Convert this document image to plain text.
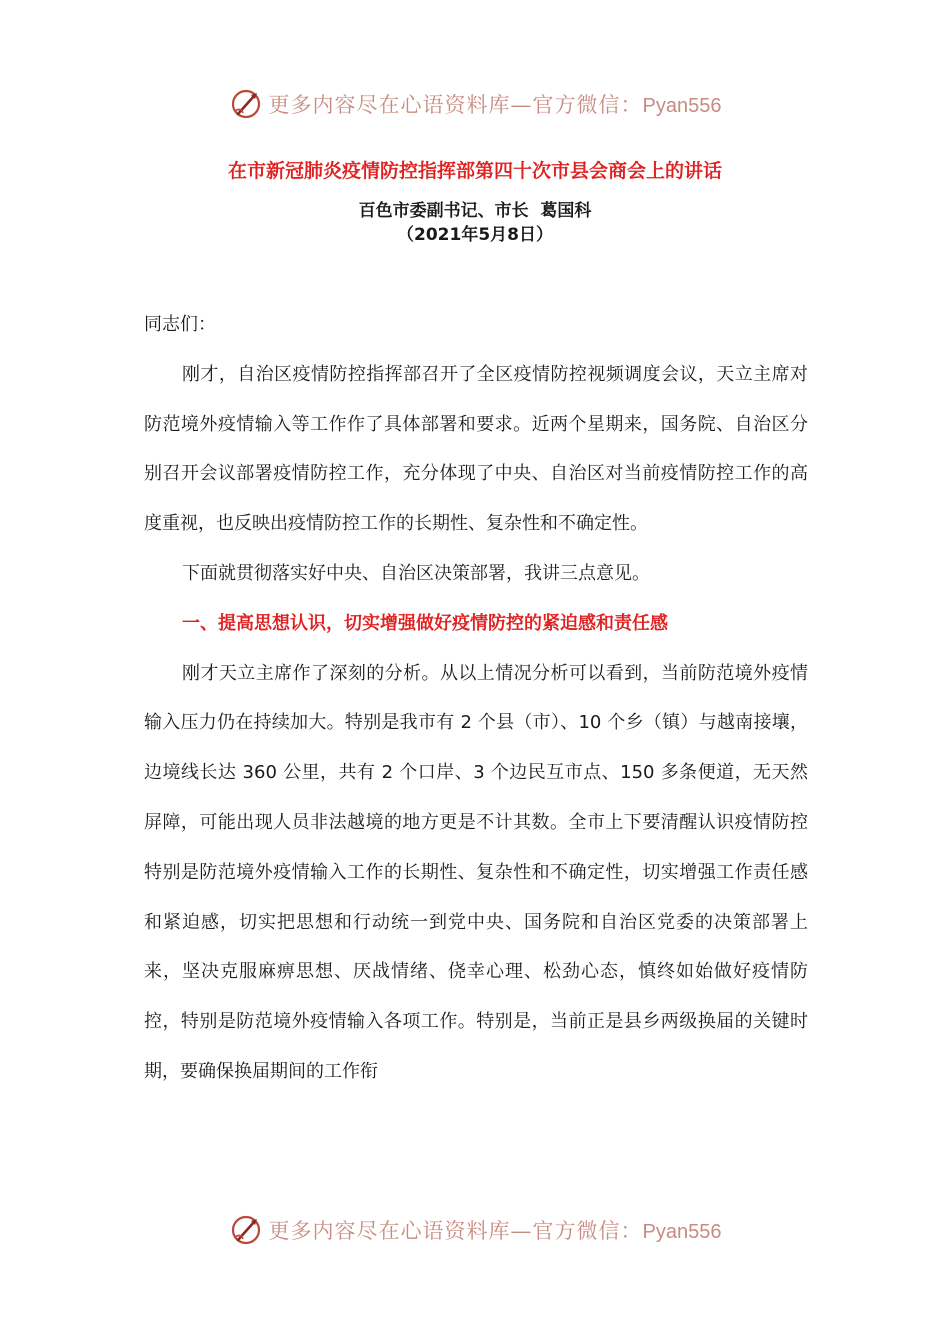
更多内容尽在心语资料库—官方微信：Pyan556
在市新冠肺炎疫情防控指挥部第四十次市县会商会上的讲话
百色市委副书记、市长  葛国科
（2021年5月8日）

同志们：

刚才，自治区疫情防控指挥部召开了全区疫情防控视频调度会议，天立主席对防范境外疫情输入等工作作了具体部署和要求。近两个星期来，国务院、自治区分别召开会议部署疫情防控工作，充分体现了中央、自治区对当前疫情防控工作的高度重视，也反映出疫情防控工作的长期性、复杂性和不确定性。

下面就贯彻落实好中央、自治区决策部署，我讲三点意见。

一、提高思想认识，切实增强做好疫情防控的紧迫感和责任感

刚才天立主席作了深刻的分析。从以上情况分析可以看到，当前防范境外疫情输入压力仍在持续加大。特别是我市有 2 个县（市）、10 个乡（镇）与越南接壤，边境线长达 360 公里，共有 2 个口岸、3 个边民互市点、150 多条便道，无天然屏障，可能出现人员非法越境的地方更是不计其数。全市上下要清醒认识疫情防控特别是防范境外疫情输入工作的长期性、复杂性和不确定性，切实增强工作责任感和紧迫感，切实把思想和行动统一到党中央、国务院和自治区党委的决策部署上来，坚决克服麻痹思想、厌战情绪、侥幸心理、松劲心态，慎终如始做好疫情防控，特别是防范境外疫情输入各项工作。特别是，当前正是县乡两级换届的关键时期，要确保换届期间的工作衔

更多内容尽在心语资料库—官方微信：Pyan556
